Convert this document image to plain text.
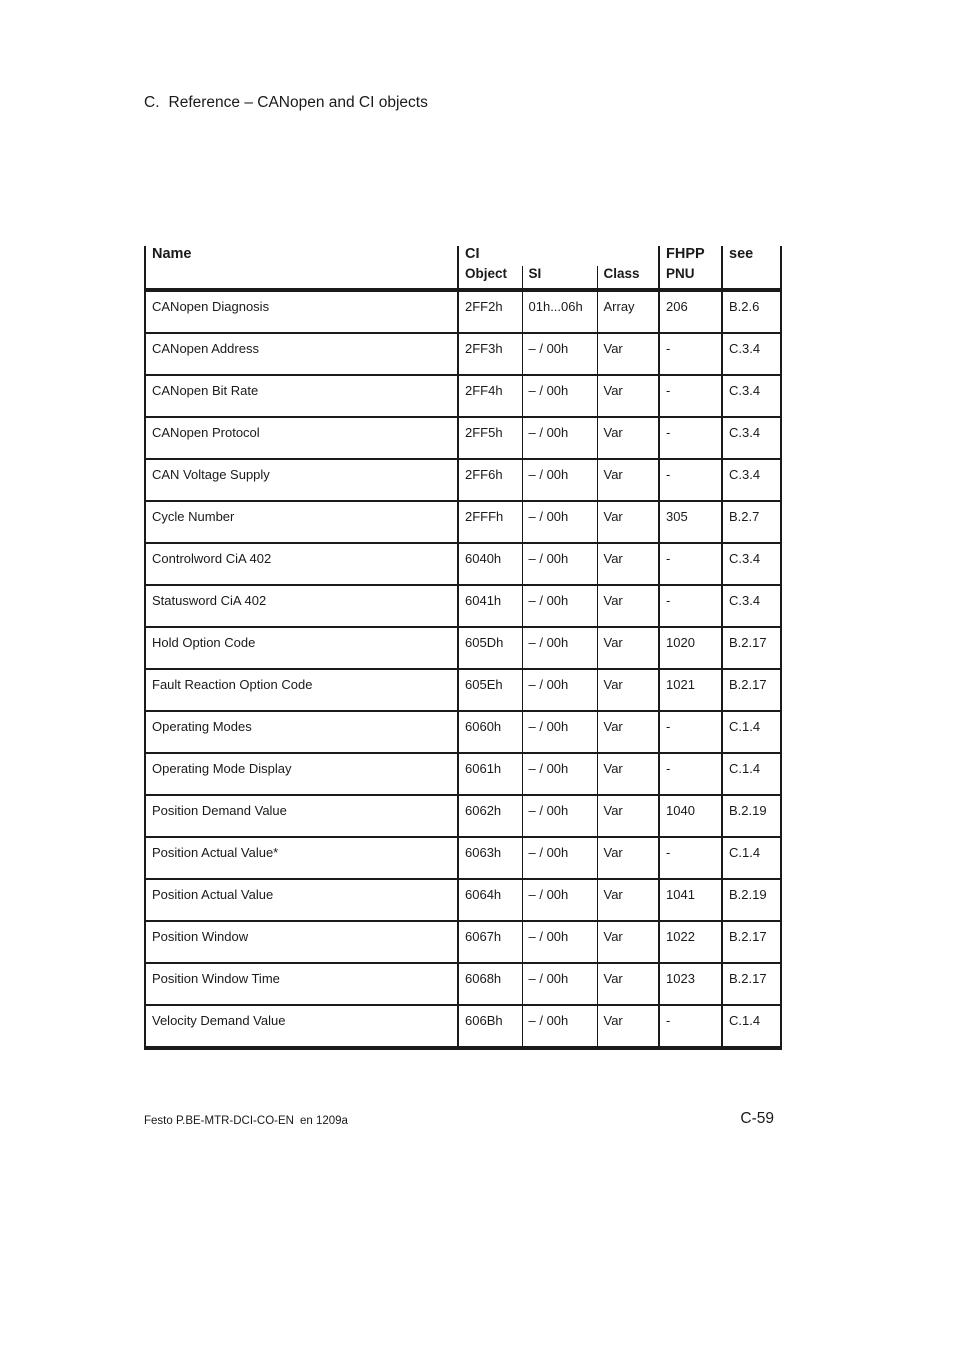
C. Reference – CANopen and CI objects
Name	CI			FHPP	see
	Object	SI	Class	PNU	
CANopen Diagnosis	2FF2h	01h...06h	Array	206	B.2.6
CANopen Address	2FF3h	– / 00h	Var	-	C.3.4
CANopen Bit Rate	2FF4h	– / 00h	Var	-	C.3.4
CANopen Protocol	2FF5h	– / 00h	Var	-	C.3.4
CAN Voltage Supply	2FF6h	– / 00h	Var	-	C.3.4
Cycle Number	2FFFh	– / 00h	Var	305	B.2.7
Controlword CiA 402	6040h	– / 00h	Var	-	C.3.4
Statusword CiA 402	6041h	– / 00h	Var	-	C.3.4
Hold Option Code	605Dh	– / 00h	Var	1020	B.2.17
Fault Reaction Option Code	605Eh	– / 00h	Var	1021	B.2.17
Operating Modes	6060h	– / 00h	Var	-	C.1.4
Operating Mode Display	6061h	– / 00h	Var	-	C.1.4
Position Demand Value	6062h	– / 00h	Var	1040	B.2.19
Position Actual Value*	6063h	– / 00h	Var	-	C.1.4
Position Actual Value	6064h	– / 00h	Var	1041	B.2.19
Position Window	6067h	– / 00h	Var	1022	B.2.17
Position Window Time	6068h	– / 00h	Var	1023	B.2.17
Velocity Demand Value	606Bh	– / 00h	Var	-	C.1.4
Festo P.BE-MTR-DCI-CO-EN en 1209a	C-59
